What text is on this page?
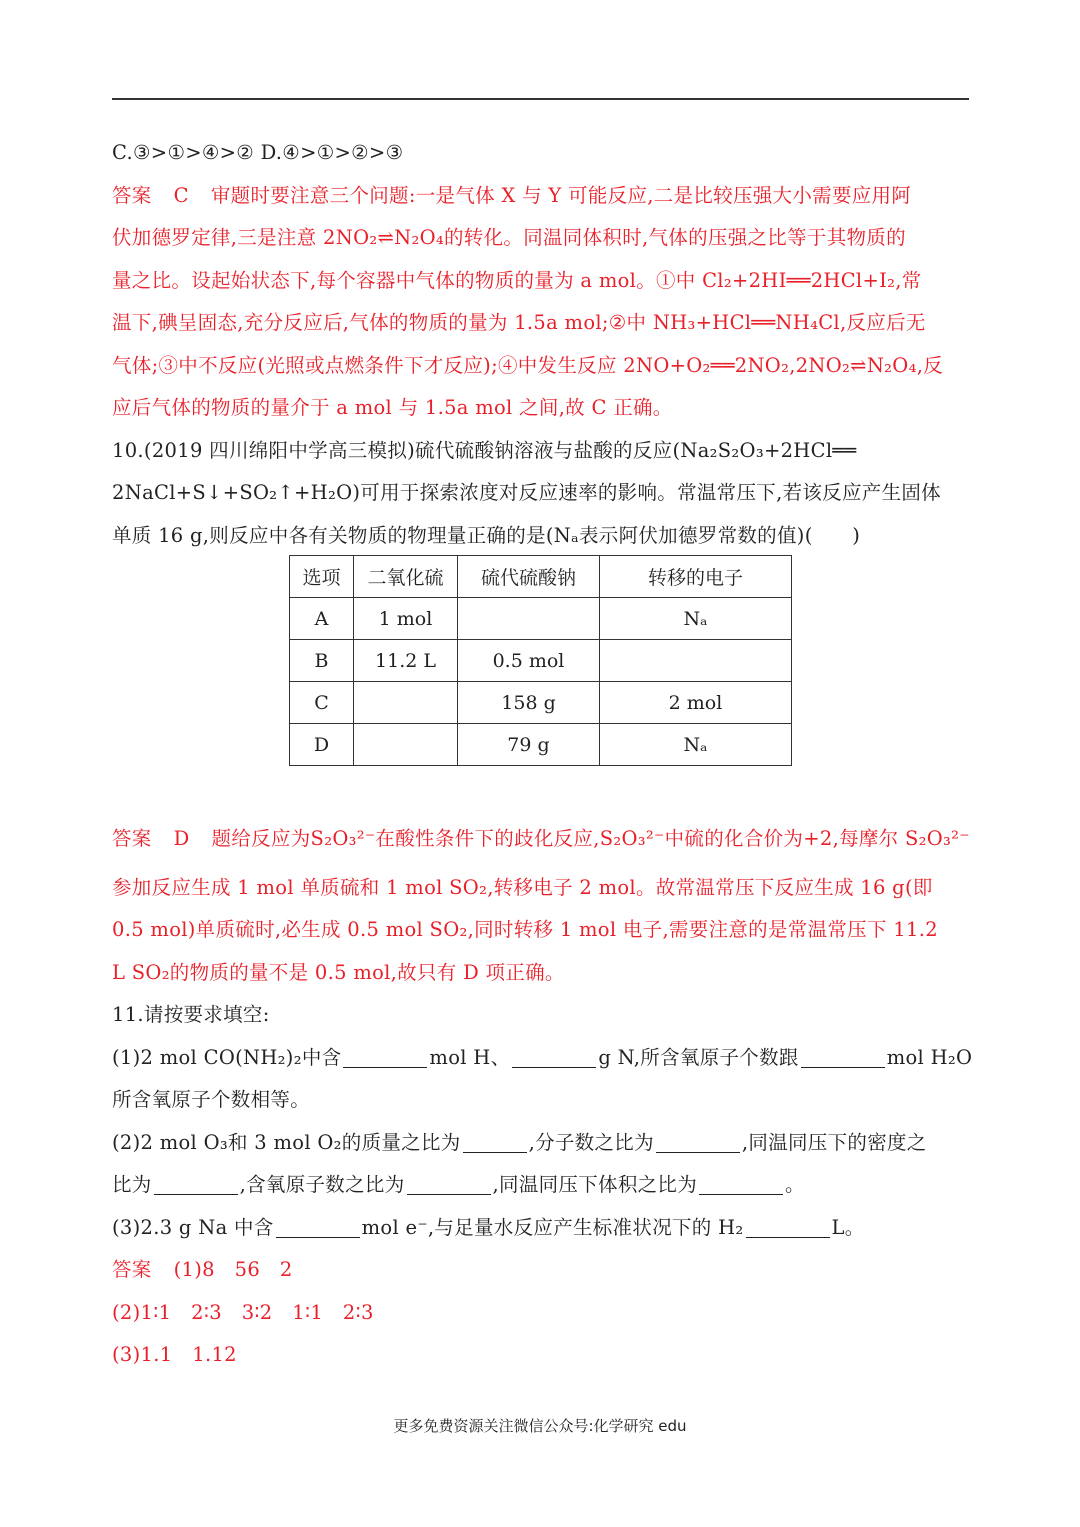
C.③>①>④>② D.④>①>②>③
答案 C 审题时要注意三个问题:一是气体 X 与 Y 可能反应,二是比较压强大小需要应用阿
伏加德罗定律,三是注意 2NO₂⇌N₂O₄的转化。同温同体积时,气体的压强之比等于其物质的
量之比。设起始状态下,每个容器中气体的物质的量为 a mol。①中 Cl₂+2HI══2HCl+I₂,常
温下,碘呈固态,充分反应后,气体的物质的量为 1.5a mol;②中 NH₃+HCl══NH₄Cl,反应后无
气体;③中不反应(光照或点燃条件下才反应);④中发生反应 2NO+O₂══2NO₂,2NO₂⇌N₂O₄,反
应后气体的物质的量介于 a mol 与 1.5a mol 之间,故 C 正确。
10.(2019 四川绵阳中学高三模拟)硫代硫酸钠溶液与盐酸的反应(Na₂S₂O₃+2HCl══
2NaCl+S↓+SO₂↑+H₂O)可用于探索浓度对反应速率的影响。常温常压下,若该反应产生固体
单质 16 g,则反应中各有关物质的物理量正确的是(Nₐ表示阿伏加德罗常数的值)(　　)
选项	二氧化硫	硫代硫酸钠	转移的电子
A	1 mol		Nₐ
B	11.2 L	0.5 mol	
C		158 g	2 mol
D		79 g	Nₐ
答案 D 题给反应为S₂O₃²⁻在酸性条件下的歧化反应,S₂O₃²⁻中硫的化合价为+2,每摩尔 S₂O₃²⁻
参加反应生成 1 mol 单质硫和 1 mol SO₂,转移电子 2 mol。故常温常压下反应生成 16 g(即
0.5 mol)单质硫时,必生成 0.5 mol SO₂,同时转移 1 mol 电子,需要注意的是常温常压下 11.2
L SO₂的物质的量不是 0.5 mol,故只有 D 项正确。
11.请按要求填空:
(1)2 mol CO(NH₂)₂中含	mol H、	g N,所含氧原子个数跟	mol H₂O
所含氧原子个数相等。
(2)2 mol O₃和 3 mol O₂的质量之比为	,分子数之比为	,同温同压下的密度之
比为	,含氧原子数之比为	,同温同压下体积之比为	。
(3)2.3 g Na 中含	mol e⁻,与足量水反应产生标准状况下的 H₂	L。
答案 (1)8　56　2
(2)1∶1　2∶3　3∶2　1∶1　2∶3
(3)1.1　1.12
更多免费资源关注微信公众号:化学研究 edu
